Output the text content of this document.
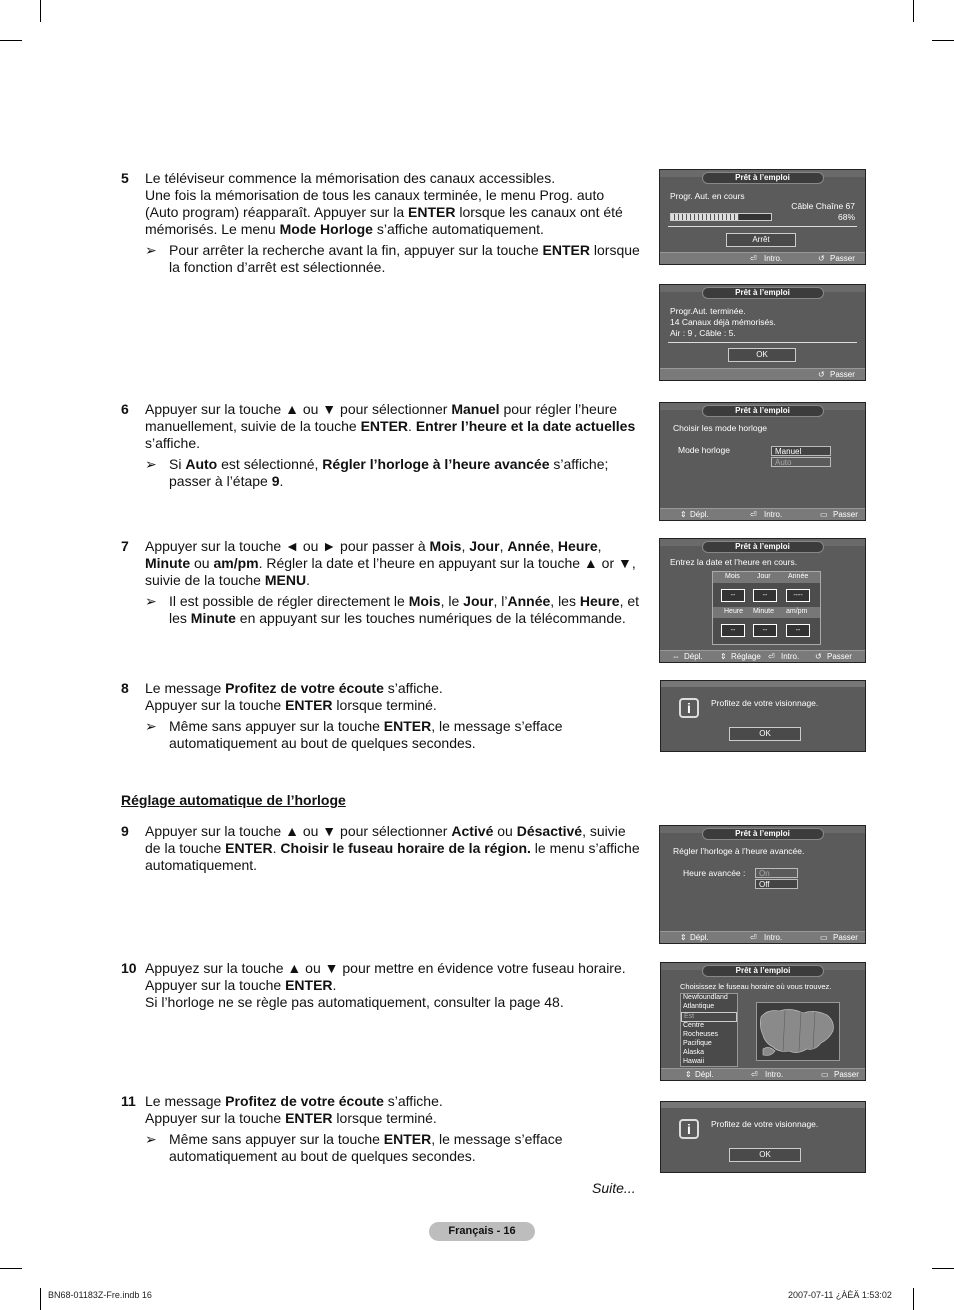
5 Le téléviseur commence la mémorisation des canaux accessibles.
Une fois la mémorisation de tous les canaux terminée, le menu Prog. auto (Auto program) réapparaît. Appuyer sur la ENTER lorsque les canaux ont été mémorisés. Le menu Mode Horloge s’affiche automatiquement.

➢ Pour arrêter la recherche avant la fin, appuyer sur la touche ENTER lorsque la fonction d’arrêt est sélectionnée.
6 Appuyer sur la touche ▲ ou ▼ pour sélectionner Manuel pour régler l’heure manuellement, suivie de la touche ENTER. Entrer l’heure et la date actuelles s’affiche.

➢ Si Auto est sélectionné, Régler l’horloge à l’heure avancée s’affiche; passer à l’étape 9.
7 Appuyer sur la touche ◄ ou ► pour passer à Mois, Jour, Année, Heure, Minute ou am/pm. Régler la date et l’heure en appuyant sur la touche ▲ or ▼, suivie de la touche MENU.

➢ Il est possible de régler directement le Mois, le Jour, l’Année, les Heure, et les Minute en appuyant sur les touches numériques de la télécommande.
8 Le message Profitez de votre écoute s’affiche.
Appuyer sur la touche ENTER lorsque terminé.

➢ Même sans appuyer sur la touche ENTER, le message s’efface automatiquement au bout de quelques secondes.
Réglage automatique de l’horloge
9 Appuyer sur la touche ▲ ou ▼ pour sélectionner Activé ou Désactivé, suivie de la touche ENTER. Choisir le fuseau horaire de la région. le menu s’affiche automatiquement.

10 Appuyez sur la touche ▲ ou ▼ pour mettre en évidence votre fuseau horaire.
Appuyer sur la touche ENTER.
Si l’horloge ne se règle pas automatiquement, consulter la page 48.

11 Le message Profitez de votre écoute s’affiche.
Appuyer sur la touche ENTER lorsque terminé.

➢ Même sans appuyer sur la touche ENTER, le message s’efface automatiquement au bout de quelques secondes.
Suite...
Français - 16
BN68-01183Z-Fre.indb 16	2007-07-11 ¿ÀÈÄ 1:53:02
Prêt à l’emploi
Progr. Aut. en cours
Câble Chaîne 67
68%
Arrêt
⏎ Intro.	↺ Passer
Prêt à l’emploi
Progr.Aut. terminée.
14 Canaux déjà mémorisés.
Air : 9 , Câble : 5.
OK
↺ Passer
Prêt à l’emploi
Choisir les mode horloge
Mode horloge	Manuel
Auto
⇕ Dépl.	⏎ Intro.	▭ Passer
Prêt à l’emploi
Entrez la date et l’heure en cours.
Mois Jour Année
--	--	----
Heure Minute am/pm
--	--	--
⇔ Dépl. ⇕ Réglage ⏎ Intro. ↺ Passer
i	Profitez de votre visionnage.
OK
Prêt à l’emploi
Régler l’horloge à l’heure avancée.
Heure avancée :	On
Off
⇕ Dépl.	⏎ Intro.	▭ Passer
Prêt à l’emploi
Choisissez le fuseau horaire où vous trouvez.
Newfoundland
Atlantique
Est
Centre
Rocheuses
Pacifique
Alaska
Hawaii
⇕ Dépl.	⏎ Intro.	▭ Passer
i	Profitez de votre visionnage.
OK
